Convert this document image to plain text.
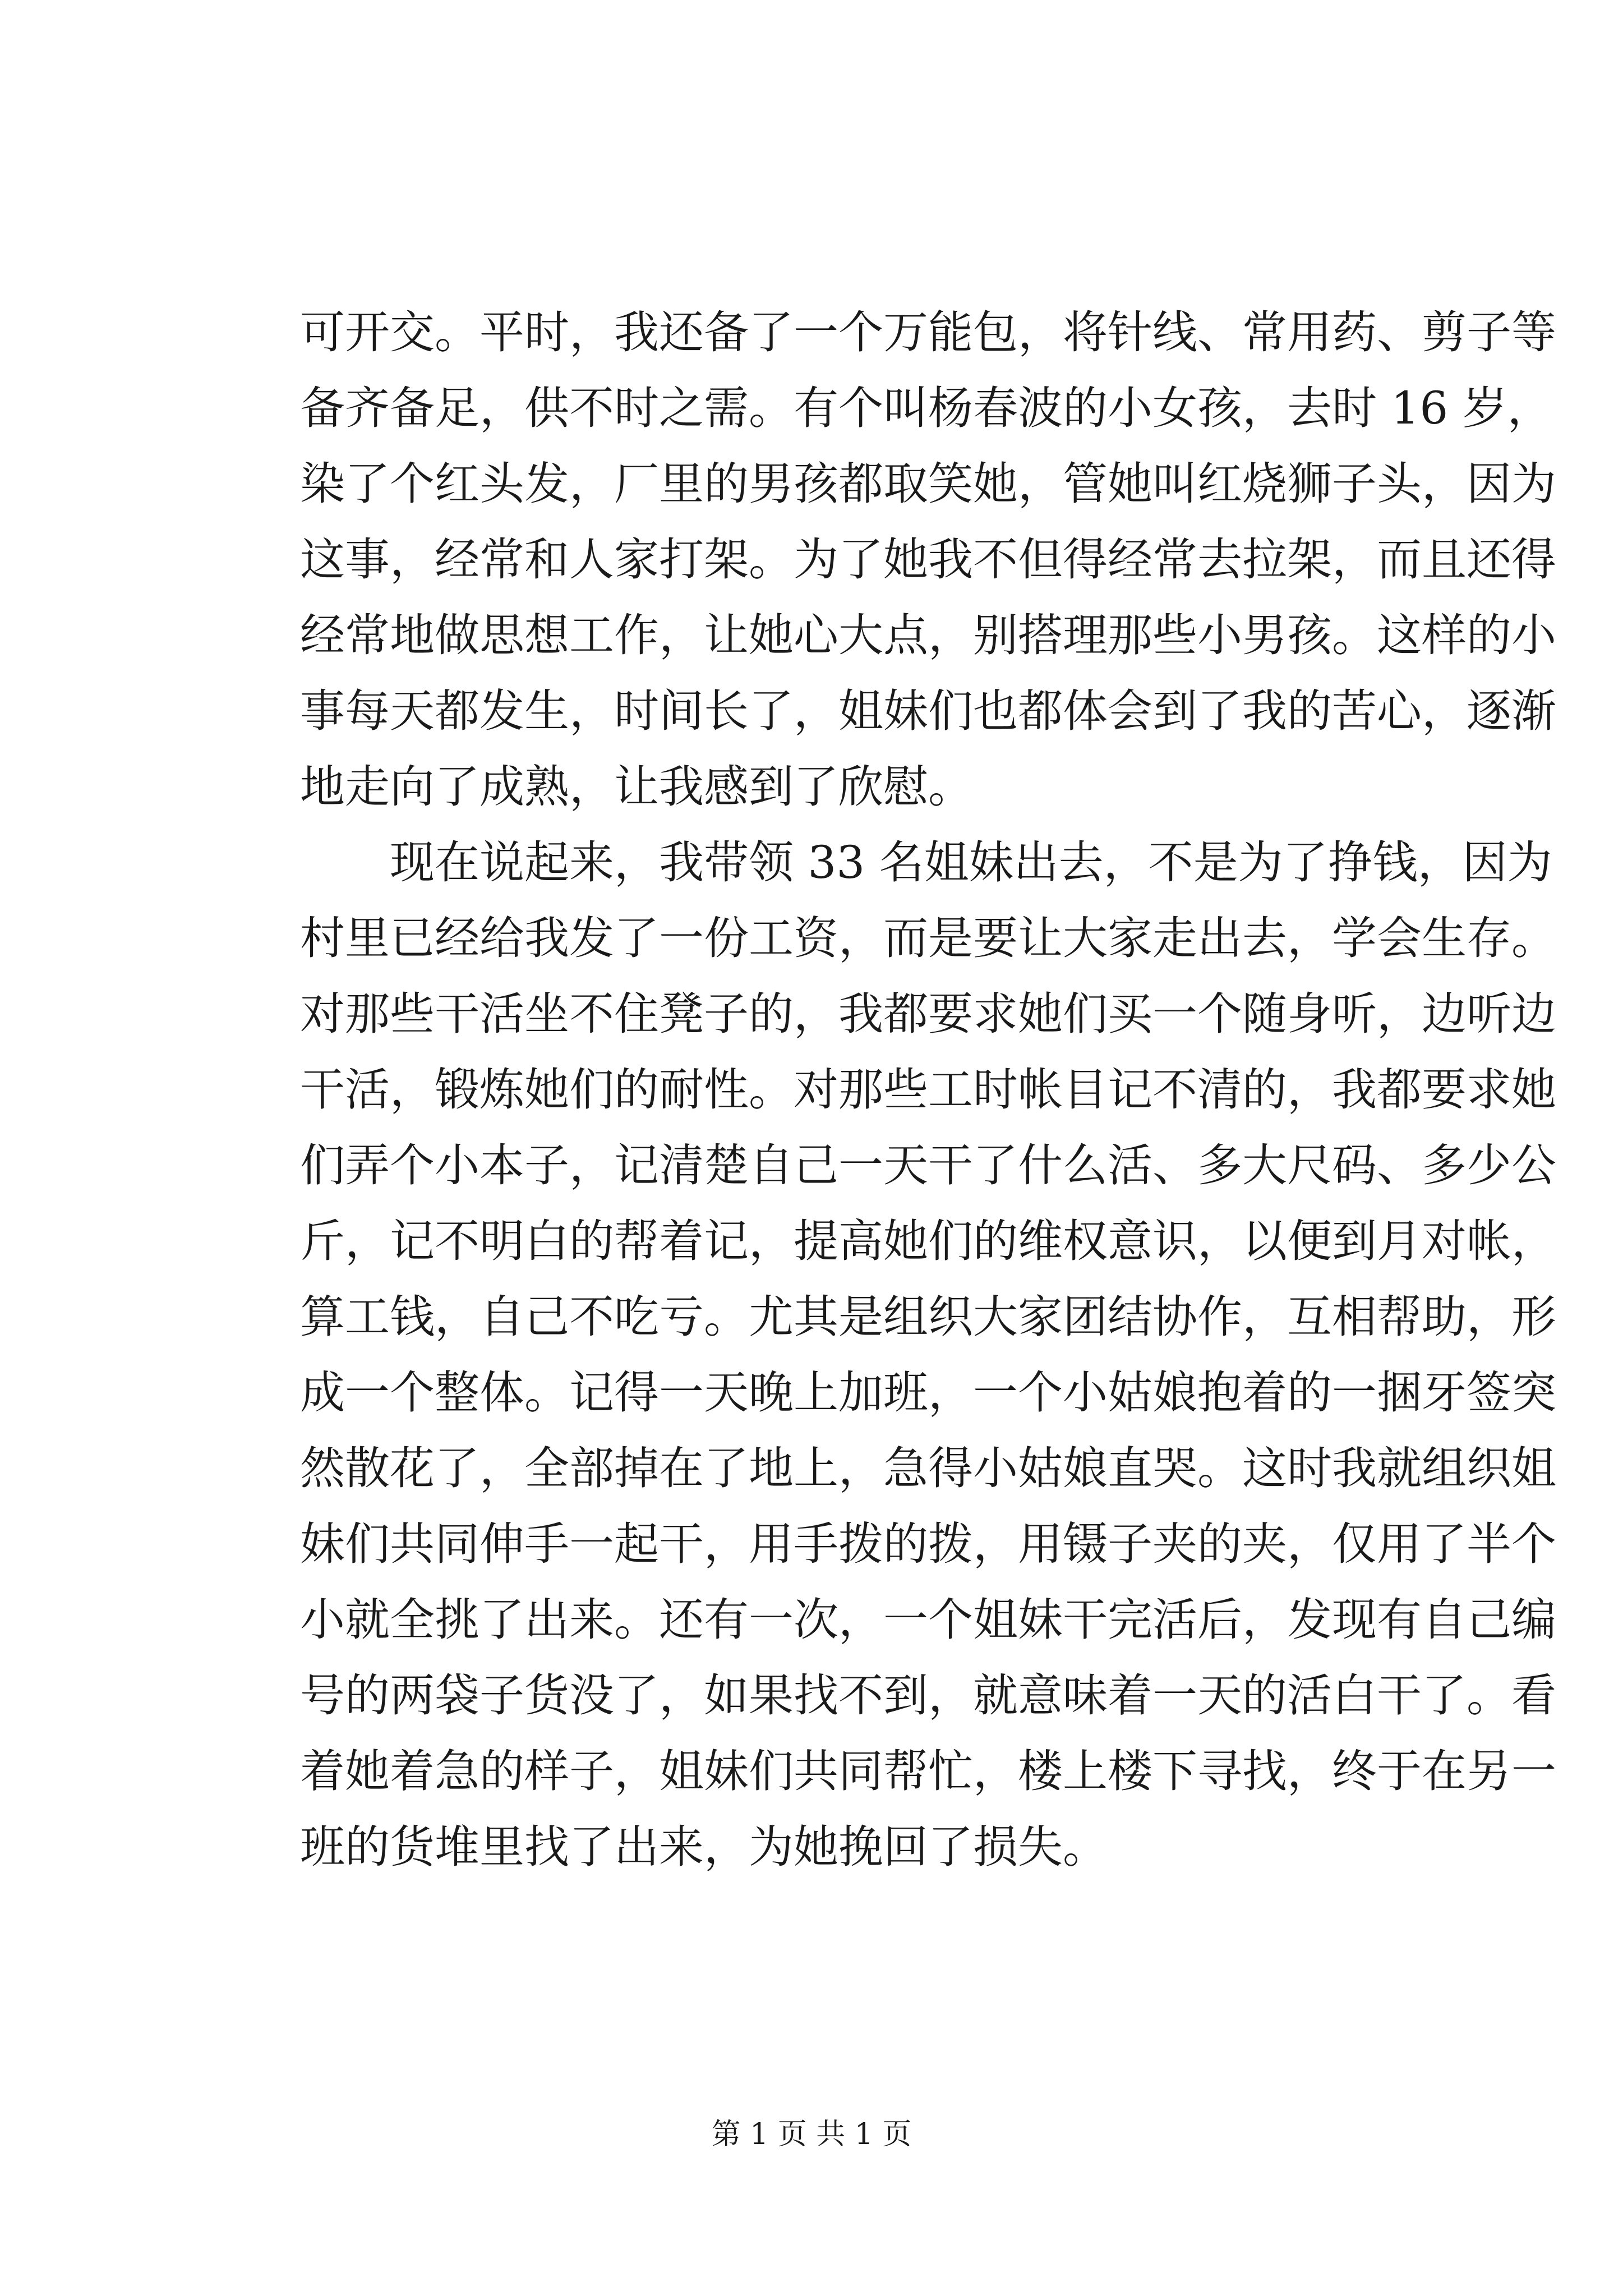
可开交。平时，我还备了一个万能包，将针线、常用药、剪子等
备齐备足，供不时之需。有个叫杨春波的小女孩，去时 16 岁，
染了个红头发，厂里的男孩都取笑她，管她叫红烧狮子头，因为
这事，经常和人家打架。为了她我不但得经常去拉架，而且还得
经常地做思想工作，让她心大点，别搭理那些小男孩。这样的小
事每天都发生，时间长了，姐妹们也都体会到了我的苦心，逐渐
地走向了成熟，让我感到了欣慰。
　　现在说起来，我带领 33 名姐妹出去，不是为了挣钱，因为
村里已经给我发了一份工资，而是要让大家走出去，学会生存。
对那些干活坐不住凳子的，我都要求她们买一个随身听，边听边
干活，锻炼她们的耐性。对那些工时帐目记不清的，我都要求她
们弄个小本子，记清楚自己一天干了什么活、多大尺码、多少公
斤，记不明白的帮着记，提高她们的维权意识，以便到月对帐，
算工钱，自己不吃亏。尤其是组织大家团结协作，互相帮助，形
成一个整体。记得一天晚上加班，一个小姑娘抱着的一捆牙签突
然散花了，全部掉在了地上，急得小姑娘直哭。这时我就组织姐
妹们共同伸手一起干，用手拨的拨，用镊子夹的夹，仅用了半个
小就全挑了出来。还有一次，一个姐妹干完活后，发现有自己编
号的两袋子货没了，如果找不到，就意味着一天的活白干了。看
着她着急的样子，姐妹们共同帮忙，楼上楼下寻找，终于在另一
班的货堆里找了出来，为她挽回了损失。
第 1 页 共 1 页
